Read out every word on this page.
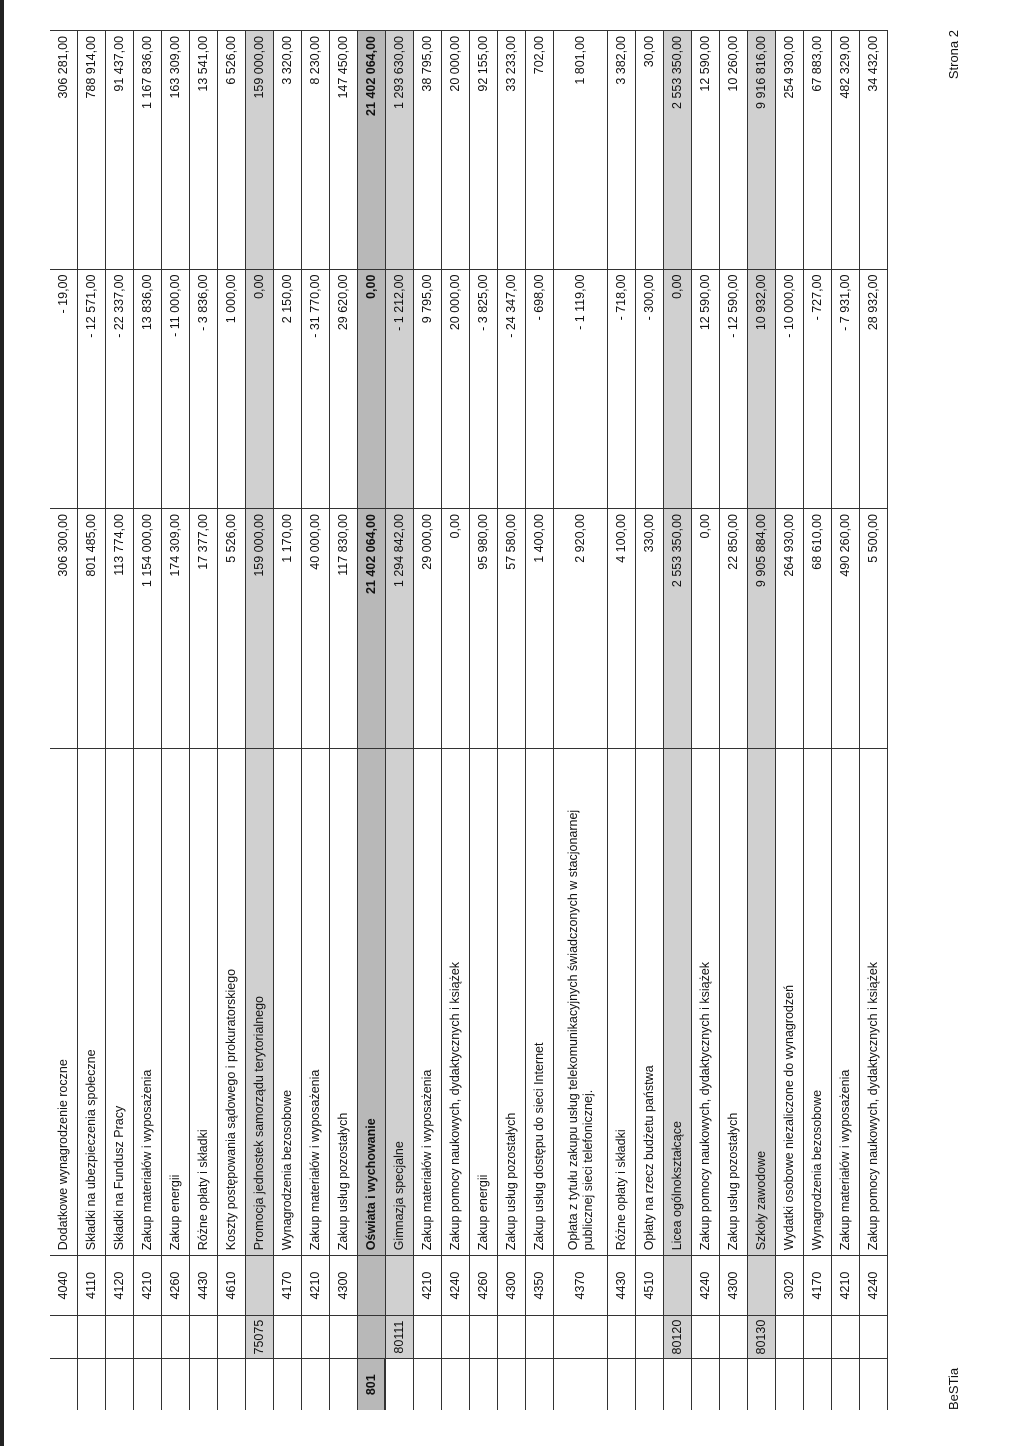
4040
Dodatkowe wynagrodzenie roczne
306 300,00
- 19,00
306 281,00
4110
Składki na ubezpieczenia społeczne
801 485,00
- 12 571,00
788 914,00
4120
Składki na Fundusz Pracy
113 774,00
- 22 337,00
91 437,00
4210
Zakup materiałów i wyposażenia
1 154 000,00
13 836,00
1 167 836,00
4260
Zakup energii
174 309,00
- 11 000,00
163 309,00
4430
Różne opłaty i składki
17 377,00
- 3 836,00
13 541,00
4610
Koszty postępowania sądowego i prokuratorskiego
5 526,00
1 000,00
6 526,00
75075
Promocja jednostek samorządu terytorialnego
159 000,00
0,00
159 000,00
4170
Wynagrodzenia bezosobowe
1 170,00
2 150,00
3 320,00
4210
Zakup materiałów i wyposażenia
40 000,00
- 31 770,00
8 230,00
4300
Zakup usług pozostałych
117 830,00
29 620,00
147 450,00
801
Oświata i wychowanie
21 402 064,00
0,00
21 402 064,00
80111
Gimnazja specjalne
1 294 842,00
- 1 212,00
1 293 630,00
4210
Zakup materiałów i wyposażenia
29 000,00
9 795,00
38 795,00
4240
Zakup pomocy naukowych, dydaktycznych i książek
0,00
20 000,00
20 000,00
4260
Zakup energii
95 980,00
- 3 825,00
92 155,00
4300
Zakup usług pozostałych
57 580,00
- 24 347,00
33 233,00
4350
Zakup usług dostępu do sieci Internet
1 400,00
- 698,00
702,00
4370
Opłata z tytułu zakupu usług telekomunikacyjnych świadczonych w stacjonarnej publicznej sieci telefonicznej.
2 920,00
- 1 119,00
1 801,00
4430
Różne opłaty i składki
4 100,00
- 718,00
3 382,00
4510
Opłaty na rzecz budżetu państwa
330,00
- 300,00
30,00
80120
Licea ogólnokształcące
2 553 350,00
0,00
2 553 350,00
4240
Zakup pomocy naukowych, dydaktycznych i książek
0,00
12 590,00
12 590,00
4300
Zakup usług pozostałych
22 850,00
- 12 590,00
10 260,00
80130
Szkoły zawodowe
9 905 884,00
10 932,00
9 916 816,00
3020
Wydatki osobowe niezaliczone do wynagrodzeń
264 930,00
- 10 000,00
254 930,00
4170
Wynagrodzenia bezosobowe
68 610,00
- 727,00
67 883,00
4210
Zakup materiałów i wyposażenia
490 260,00
- 7 931,00
482 329,00
4240
Zakup pomocy naukowych, dydaktycznych i książek
5 500,00
28 932,00
34 432,00
BeSTia
Strona 2
